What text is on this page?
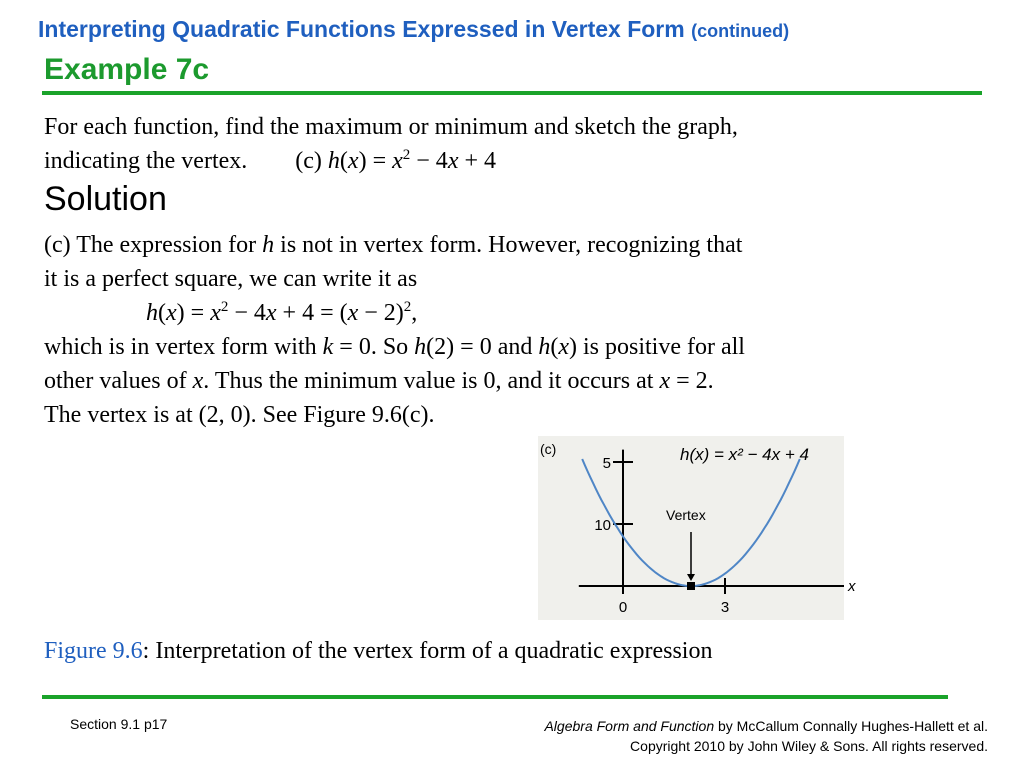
Interpreting Quadratic Functions Expressed in Vertex Form (continued)
Example 7c
For each function, find the maximum or minimum and sketch the graph,
indicating the vertex. (c) $h(x) = x^2 - 4x + 4$
Solution
(c) The expression for h is not in vertex form. However, recognizing that
it is a perfect square, we can write it as
$h(x) = x^2 - 4x + 4 = (x - 2)^2$,
which is in vertex form with k = 0. So h(2) = 0 and h(x) is positive for all
other values of x. Thus the minimum value is 0, and it occurs at x = 2.
The vertex is at (2, 0). See Figure 9.6(c).
(c)	h(x) = x² − 4x + 4
x
10
5
0	3
Vertex
Figure 9.6: Interpretation of the vertex form of a quadratic expression
Section 9.1 p17	Algebra Form and Function by McCallum Connally Hughes-Hallett et al.
Copyright 2010 by John Wiley & Sons. All rights reserved.
